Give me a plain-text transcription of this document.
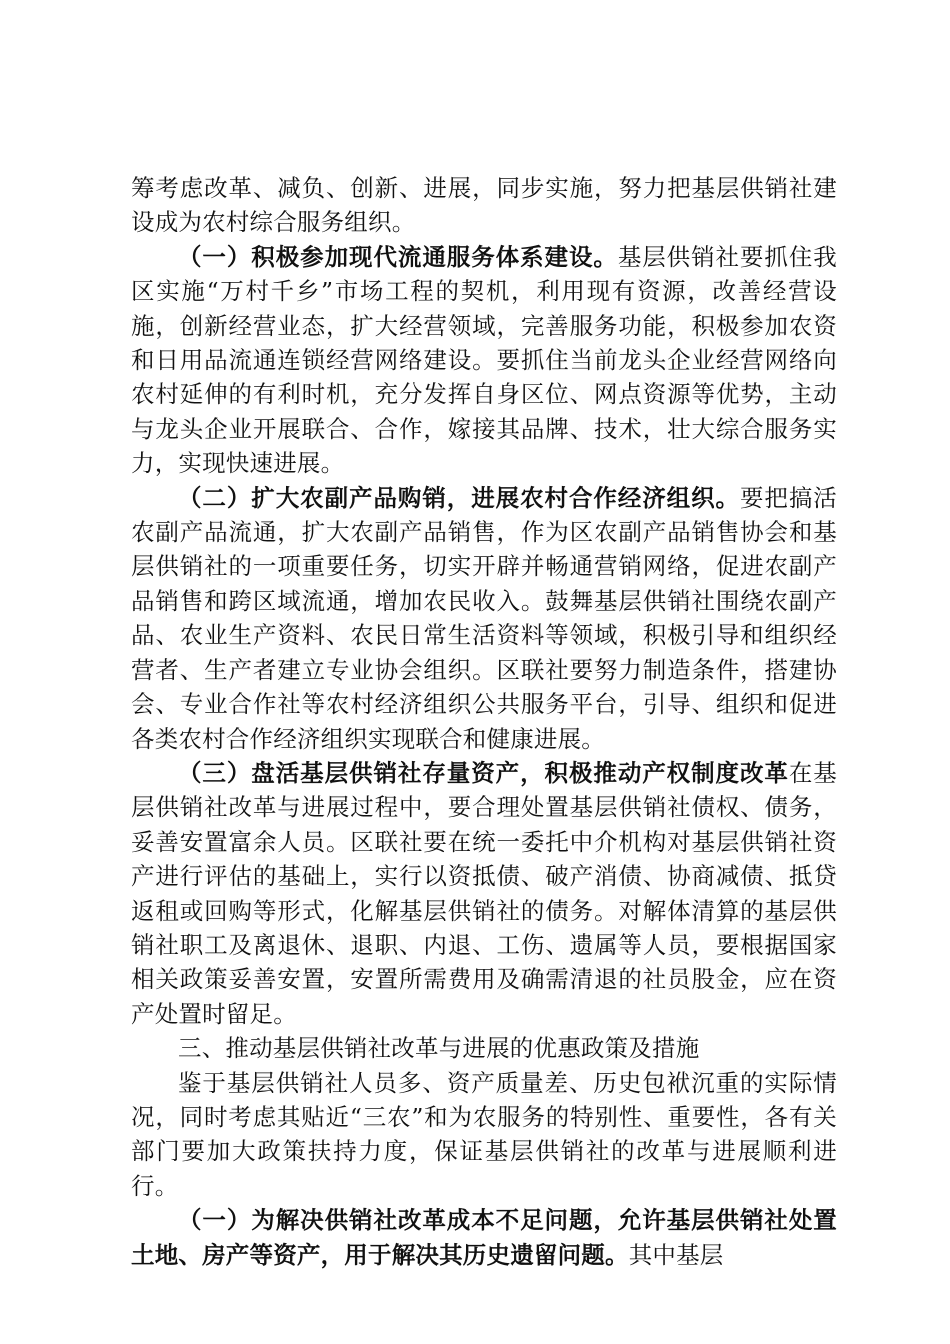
筹考虑改革、减负、创新、进展，同步实施，努力把基层供销社建设成为农村综合服务组织。

（一）积极参加现代流通服务体系建设。基层供销社要抓住我区实施“万村千乡”市场工程的契机，利用现有资源，改善经营设施，创新经营业态，扩大经营领域，完善服务功能，积极参加农资和日用品流通连锁经营网络建设。要抓住当前龙头企业经营网络向农村延伸的有利时机，充分发挥自身区位、网点资源等优势，主动与龙头企业开展联合、合作，嫁接其品牌、技术，壮大综合服务实力，实现快速进展。

（二）扩大农副产品购销，进展农村合作经济组织。要把搞活农副产品流通，扩大农副产品销售，作为区农副产品销售协会和基层供销社的一项重要任务，切实开辟并畅通营销网络，促进农副产品销售和跨区域流通，增加农民收入。鼓舞基层供销社围绕农副产品、农业生产资料、农民日常生活资料等领域，积极引导和组织经营者、生产者建立专业协会组织。区联社要努力制造条件，搭建协会、专业合作社等农村经济组织公共服务平台，引导、组织和促进各类农村合作经济组织实现联合和健康进展。

（三）盘活基层供销社存量资产，积极推动产权制度改革在基层供销社改革与进展过程中，要合理处置基层供销社债权、债务，妥善安置富余人员。区联社要在统一委托中介机构对基层供销社资产进行评估的基础上，实行以资抵债、破产消债、协商减债、抵贷返租或回购等形式，化解基层供销社的债务。对解体清算的基层供销社职工及离退休、退职、内退、工伤、遗属等人员，要根据国家相关政策妥善安置，安置所需费用及确需清退的社员股金，应在资产处置时留足。

三、推动基层供销社改革与进展的优惠政策及措施

鉴于基层供销社人员多、资产质量差、历史包袱沉重的实际情况，同时考虑其贴近“三农”和为农服务的特别性、重要性，各有关部门要加大政策扶持力度，保证基层供销社的改革与进展顺利进行。

（一）为解决供销社改革成本不足问题，允许基层供销社处置土地、房产等资产，用于解决其历史遗留问题。其中基层
